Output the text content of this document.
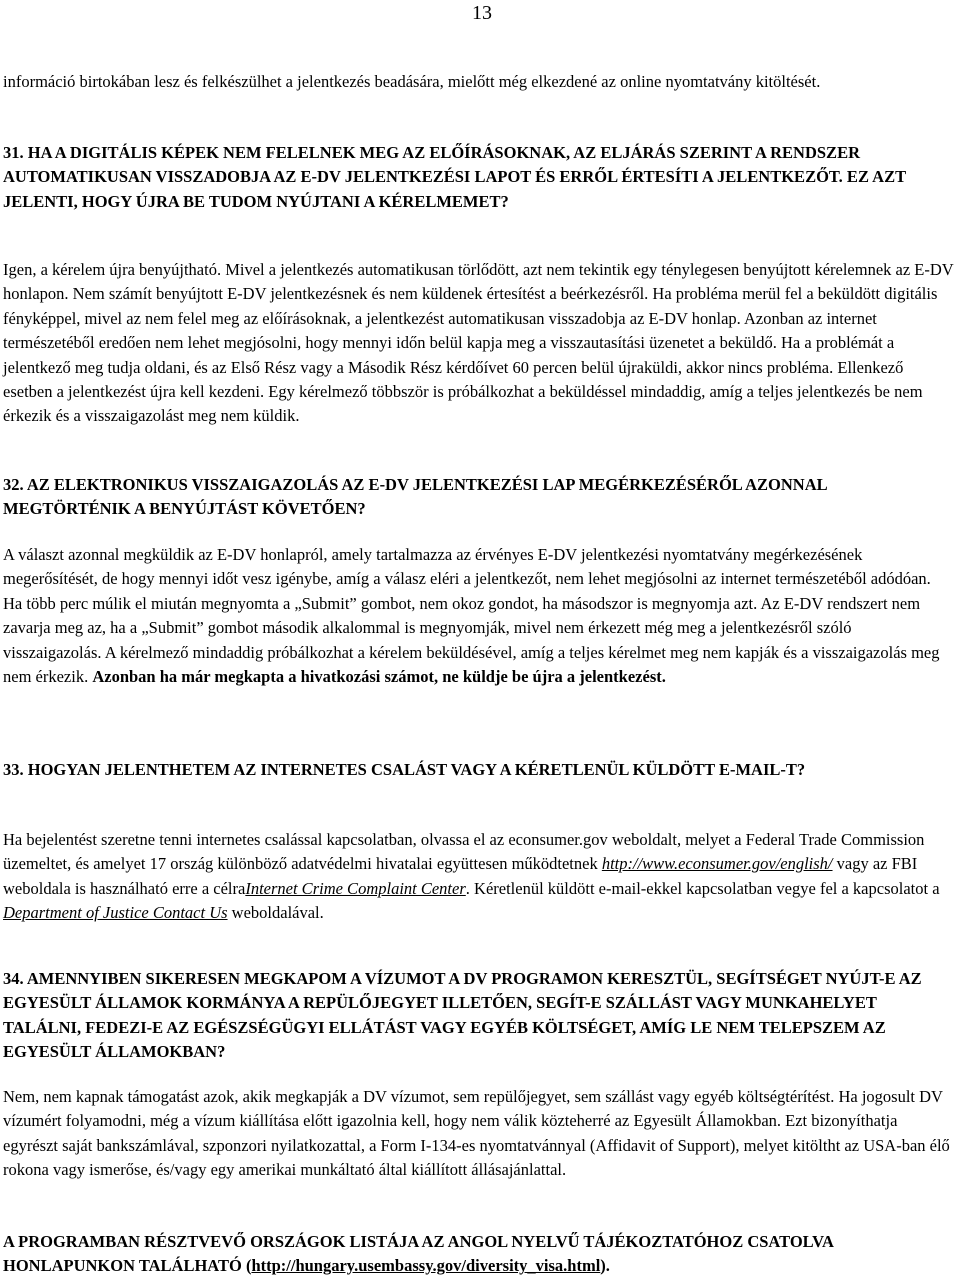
13

információ birtokában lesz és felkészülhet a jelentkezés beadására, mielőtt még elkezdené az online nyomtatvány kitöltését.

31. HA A DIGITÁLIS KÉPEK NEM FELELNEK MEG AZ ELŐÍRÁSOKNAK, AZ ELJÁRÁS SZERINT A RENDSZER AUTOMATIKUSAN VISSZADOBJA AZ E-DV JELENTKEZÉSI LAPOT ÉS ERRŐL ÉRTESÍTI A JELENTKEZŐT. EZ AZT JELENTI, HOGY ÚJRA BE TUDOM NYÚJTANI A KÉRELMEMET?

Igen, a kérelem újra benyújtható. Mivel a jelentkezés automatikusan törlődött, azt nem tekintik egy ténylegesen benyújtott kérelemnek az E-DV honlapon. Nem számít benyújtott E-DV jelentkezésnek és nem küldenek értesítést a beérkezésről. Ha probléma merül fel a beküldött digitális fényképpel, mivel az nem felel meg az előírásoknak, a jelentkezést automatikusan visszadobja az E-DV honlap. Azonban az internet természetéből eredően nem lehet megjósolni, hogy mennyi időn belül kapja meg a visszautasítási üzenetet a beküldő. Ha a problémát a jelentkező meg tudja oldani, és az Első Rész vagy a Második Rész kérdőívet 60 percen belül újraküldi, akkor nincs probléma. Ellenkező esetben a jelentkezést újra kell kezdeni. Egy kérelmező többször is próbálkozhat a beküldéssel mindaddig, amíg a teljes jelentkezés be nem érkezik és a visszaigazolást meg nem küldik.

32. AZ ELEKTRONIKUS VISSZAIGAZOLÁS AZ E-DV JELENTKEZÉSI LAP MEGÉRKEZÉSÉRŐL AZONNAL MEGTÖRTÉNIK A BENYÚJTÁST KÖVETŐEN?

A választ azonnal megküldik az E-DV honlapról, amely tartalmazza az érvényes E-DV jelentkezési nyomtatvány megérkezésének megerősítését, de hogy mennyi időt vesz igénybe, amíg a válasz eléri a jelentkezőt, nem lehet megjósolni az internet természetéből adódóan. Ha több perc múlik el miután megnyomta a „Submit” gombot, nem okoz gondot, ha másodszor is megnyomja azt. Az E-DV rendszert nem zavarja meg az, ha a „Submit” gombot második alkalommal is megnyomják, mivel nem érkezett még meg a jelentkezésről szóló visszaigazolás. A kérelmező mindaddig próbálkozhat a kérelem beküldésével, amíg a teljes kérelmet meg nem kapják és a visszaigazolás meg nem érkezik. Azonban ha már megkapta a hivatkozási számot, ne küldje be újra a jelentkezést.

33. HOGYAN JELENTHETEM AZ INTERNETES CSALÁST VAGY A KÉRETLENÜL KÜLDÖTT E-MAIL-T?

Ha bejelentést szeretne tenni internetes csalással kapcsolatban, olvassa el az econsumer.gov weboldalt, melyet a Federal Trade Commission üzemeltet, és amelyet 17 ország különböző adatvédelmi hivatalai együttesen működtetnek http://www.econsumer.gov/english/ vagy az FBI weboldala is használható erre a célraInternet Crime Complaint Center. Kéretlenül küldött e-mail-ekkel kapcsolatban vegye fel a kapcsolatot a Department of Justice Contact Us weboldalával.

34. AMENNYIBEN SIKERESEN MEGKAPOM A VÍZUMOT A DV PROGRAMON KERESZTÜL, SEGÍTSÉGET NYÚJT-E AZ EGYESÜLT ÁLLAMOK KORMÁNYA A REPÜLŐJEGYET ILLETŐEN, SEGÍT-E SZÁLLÁST VAGY MUNKAHELYET TALÁLNI, FEDEZI-E AZ EGÉSZSÉGÜGYI ELLÁTÁST VAGY EGYÉB KÖLTSÉGET, AMÍG LE NEM TELEPSZEM AZ EGYESÜLT ÁLLAMOKBAN?

Nem, nem kapnak támogatást azok, akik megkapják a DV vízumot, sem repülőjegyet, sem szállást vagy egyéb költségtérítést. Ha jogosult DV vízumért folyamodni, még a vízum kiállítása előtt igazolnia kell, hogy nem válik közteherré az Egyesült Államokban. Ezt bizonyíthatja egyrészt saját bankszámlával, szponzori nyilatkozattal, a Form I-134-es nyomtatvánnyal (Affidavit of Support), melyet kitöltht az USA-ban élő rokona vagy ismerőse, és/vagy egy amerikai munkáltató által kiállított állásajánlattal.

A PROGRAMBAN RÉSZTVEVŐ ORSZÁGOK LISTÁJA AZ ANGOL NYELVŰ TÁJÉKOZTATÓHOZ CSATOLVA HONLAPUNKON TALÁLHATÓ (http://hungary.usembassy.gov/diversity_visa.html).
